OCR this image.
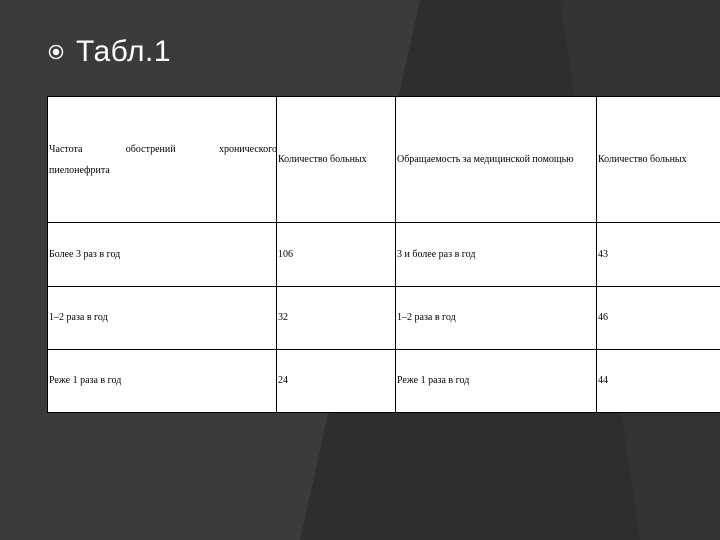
Табл.1
Частота обострений хронического
пиелонефрита	Количество больных	Обращаемость за медицинской помощью	Количество больных
Более 3 раз в год	106	3 и более раз в год	43
1–2 раза в год	32	1–2 раза в год	46
Реже 1 раза в год	24	Реже 1 раза в год	44
